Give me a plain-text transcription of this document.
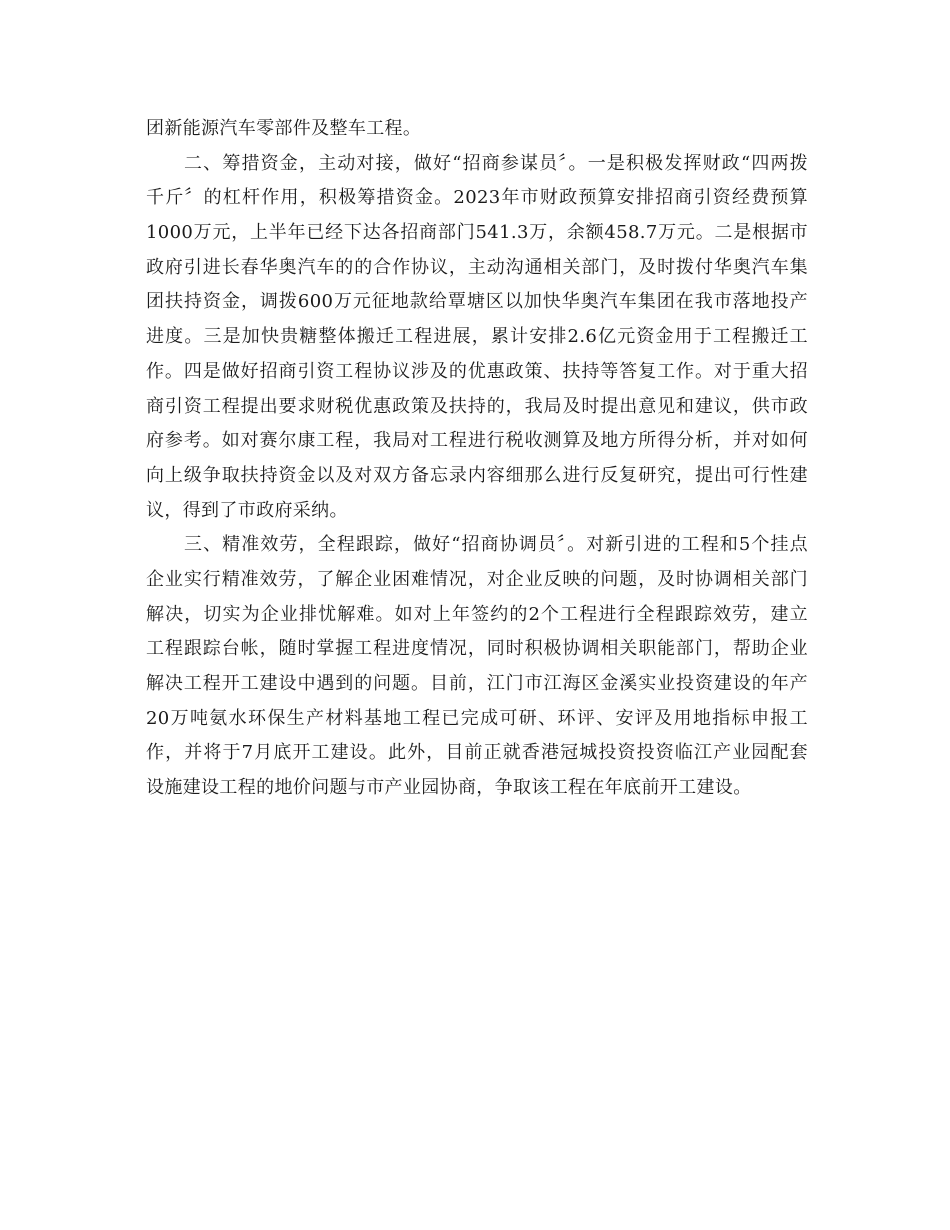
团新能源汽车零部件及整车工程。
二、筹措资金，主动对接，做好“招商参谋员〞。一是积极发挥财政“四两拨
千斤〞的杠杆作用，积极筹措资金。2023年市财政预算安排招商引资经费预算
1000万元，上半年已经下达各招商部门541.3万，余额458.7万元。二是根据市
政府引进长春华奥汽车的的合作协议，主动沟通相关部门，及时拨付华奥汽车集
团扶持资金，调拨600万元征地款给覃塘区以加快华奥汽车集团在我市落地投产
进度。三是加快贵糖整体搬迁工程进展，累计安排2.6亿元资金用于工程搬迁工
作。四是做好招商引资工程协议涉及的优惠政策、扶持等答复工作。对于重大招
商引资工程提出要求财税优惠政策及扶持的，我局及时提出意见和建议，供市政
府参考。如对赛尔康工程，我局对工程进行税收测算及地方所得分析，并对如何
向上级争取扶持资金以及对双方备忘录内容细那么进行反复研究，提出可行性建
议，得到了市政府采纳。
三、精准效劳，全程跟踪，做好“招商协调员〞。对新引进的工程和5个挂点
企业实行精准效劳，了解企业困难情况，对企业反映的问题，及时协调相关部门
解决，切实为企业排忧解难。如对上年签约的2个工程进行全程跟踪效劳，建立
工程跟踪台帐，随时掌握工程进度情况，同时积极协调相关职能部门，帮助企业
解决工程开工建设中遇到的问题。目前，江门市江海区金溪实业投资建设的年产
20万吨氨水环保生产材料基地工程已完成可研、环评、安评及用地指标申报工
作，并将于7月底开工建设。此外，目前正就香港冠城投资投资临江产业园配套
设施建设工程的地价问题与市产业园协商，争取该工程在年底前开工建设。
